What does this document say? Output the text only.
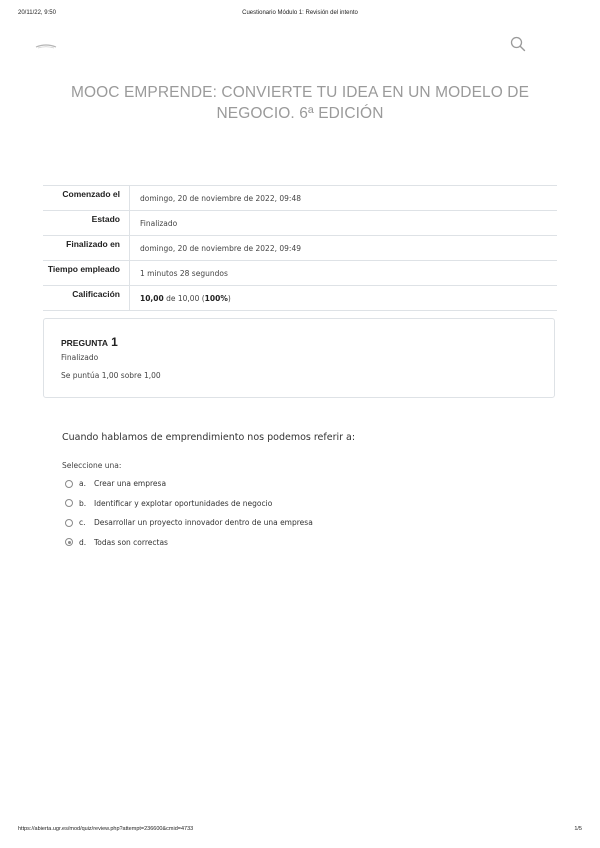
20/11/22, 9:50	Cuestionario Módulo 1: Revisión del intento
MOOC EMPRENDE: CONVIERTE TU IDEA EN UN MODELO DE NEGOCIO. 6ª EDICIÓN
Comenzado el	domingo, 20 de noviembre de 2022, 09:48
Estado	Finalizado
Finalizado en	domingo, 20 de noviembre de 2022, 09:49
Tiempo empleado	1 minutos 28 segundos
Calificación	10,00 de 10,00 (100%)
PREGUNTA 1
Finalizado
Se puntúa 1,00 sobre 1,00
Cuando hablamos de emprendimiento nos podemos referir a:
Seleccione una:
a.	Crear una empresa
b.	Identificar y explotar oportunidades de negocio
c.	Desarrollar un proyecto innovador dentro de una empresa
d.	Todas son correctas
https://abierta.ugr.es/mod/quiz/review.php?attempt=236600&cmid=4733	1/5
